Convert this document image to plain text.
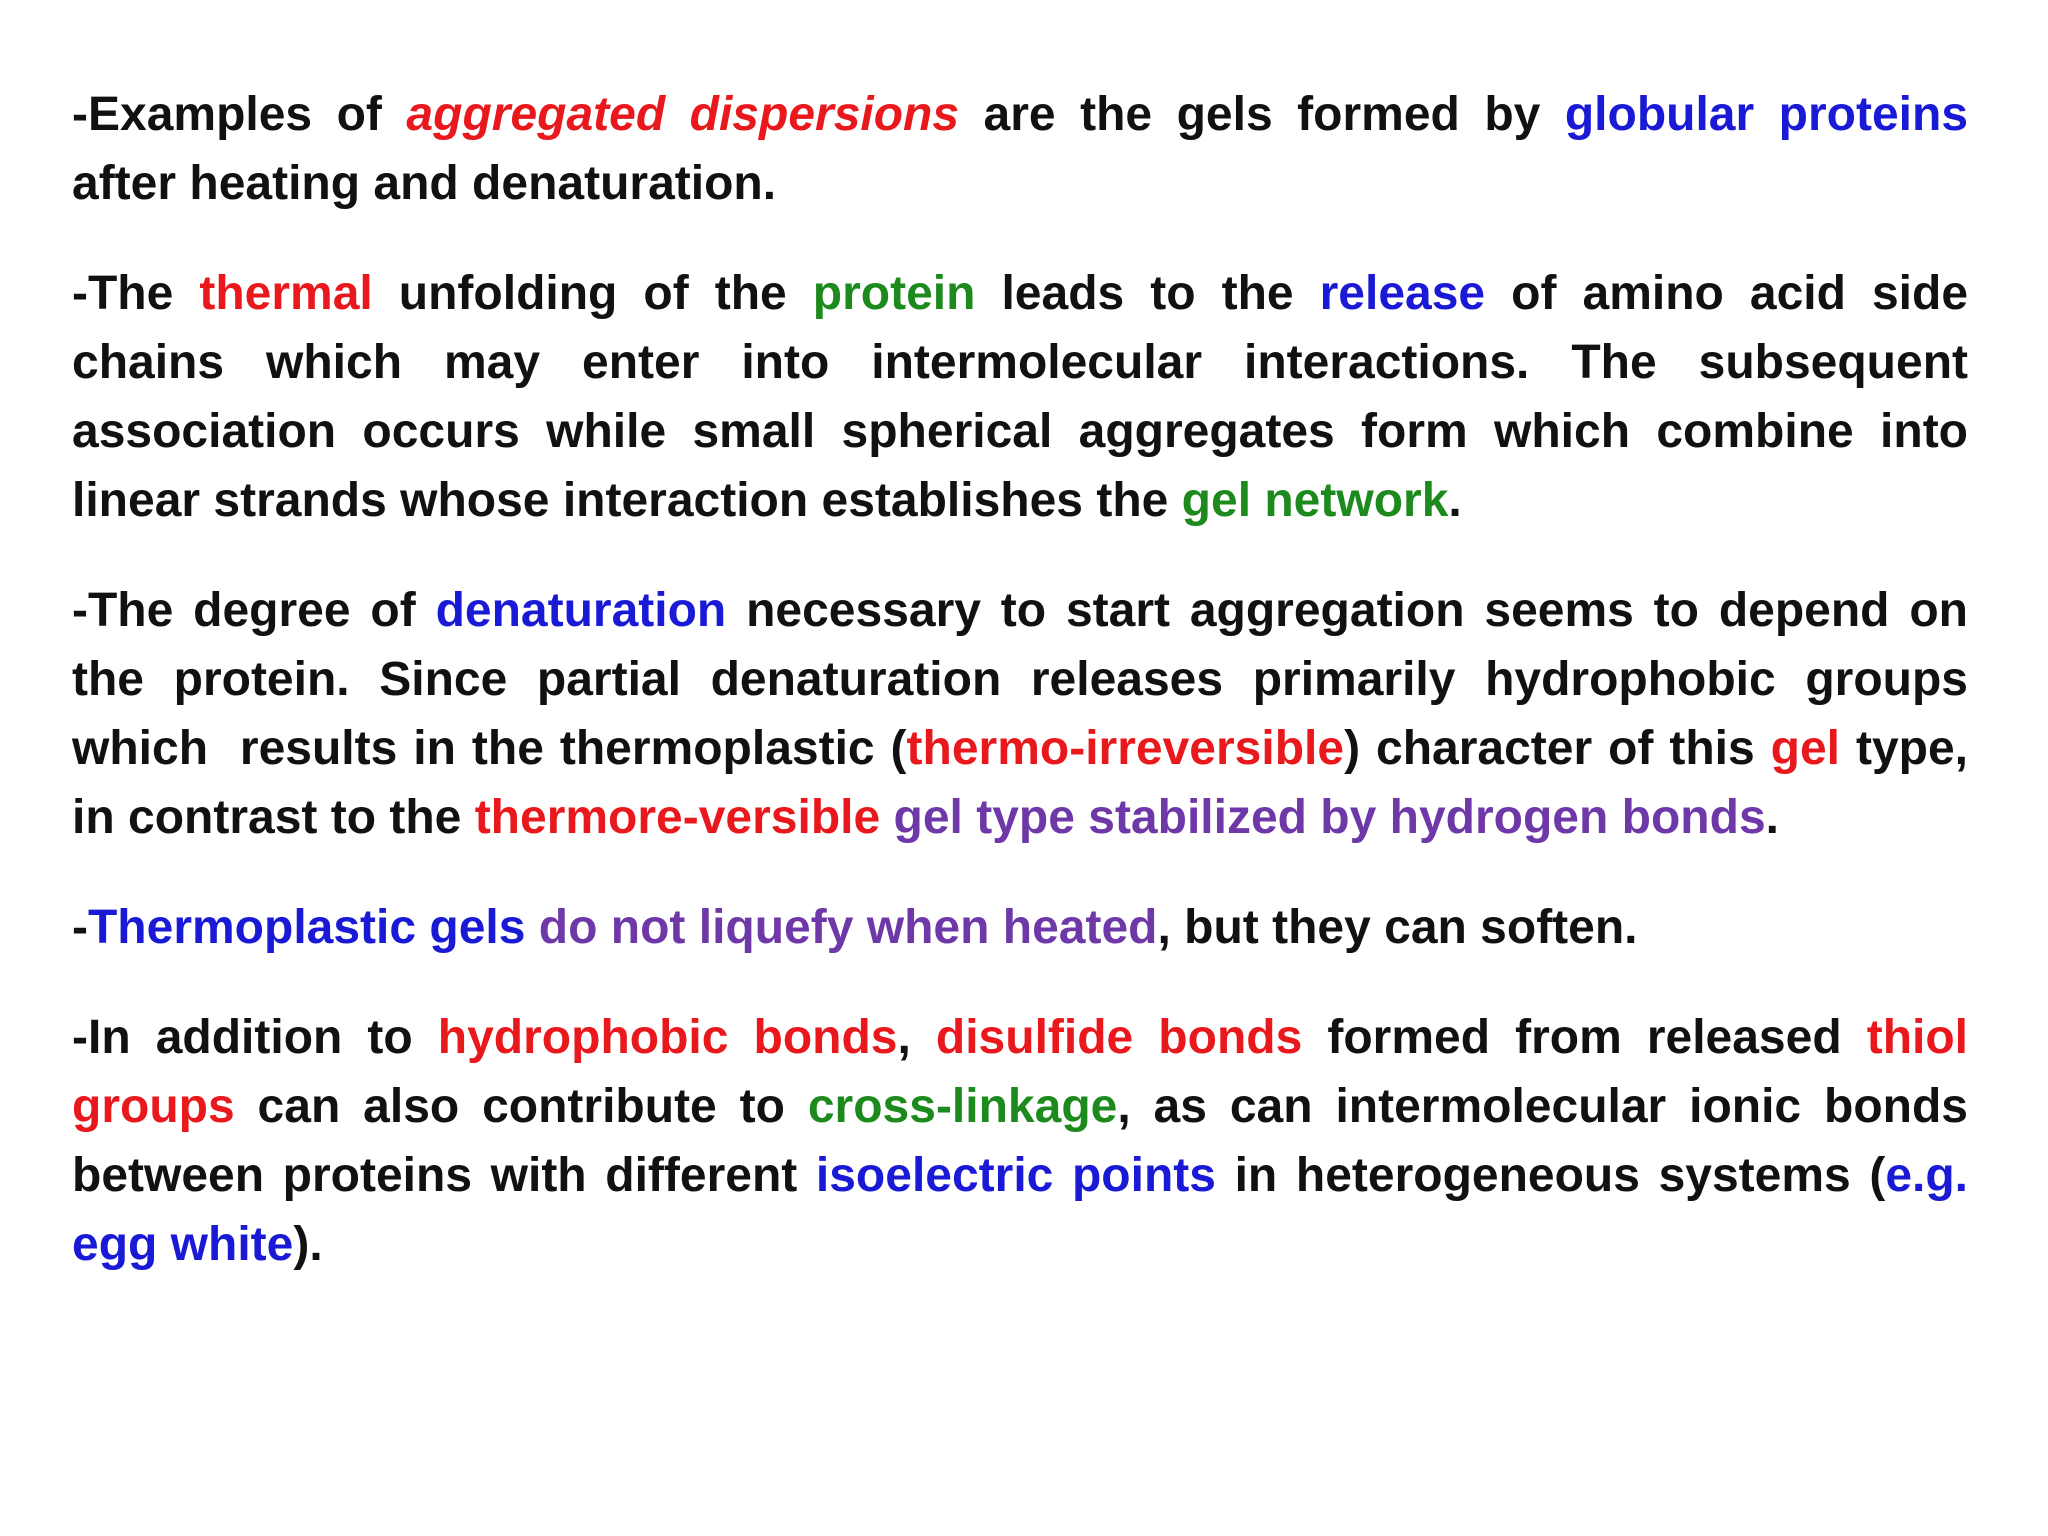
-Examples of aggregated dispersions are the gels formed by globular proteins after heating and denaturation.

-The thermal unfolding of the protein leads to the release of amino acid side chains which may enter into intermolecular interactions. The subsequent association occurs while small spherical aggregates form which combine into linear strands whose interaction establishes the gel network.

-The degree of denaturation necessary to start aggregation seems to depend on the protein. Since partial denaturation releases primarily hydrophobic groups which  results in the thermoplastic (thermo-irreversible) character of this gel type, in contrast to the thermore-versible gel type stabilized by hydrogen bonds.

-Thermoplastic gels do not liquefy when heated, but they can soften.

-In addition to hydrophobic bonds, disulfide bonds formed from released thiol groups can also contribute to cross-linkage, as can intermolecular ionic bonds between proteins with different isoelectric points in heterogeneous systems (e.g. egg white).
